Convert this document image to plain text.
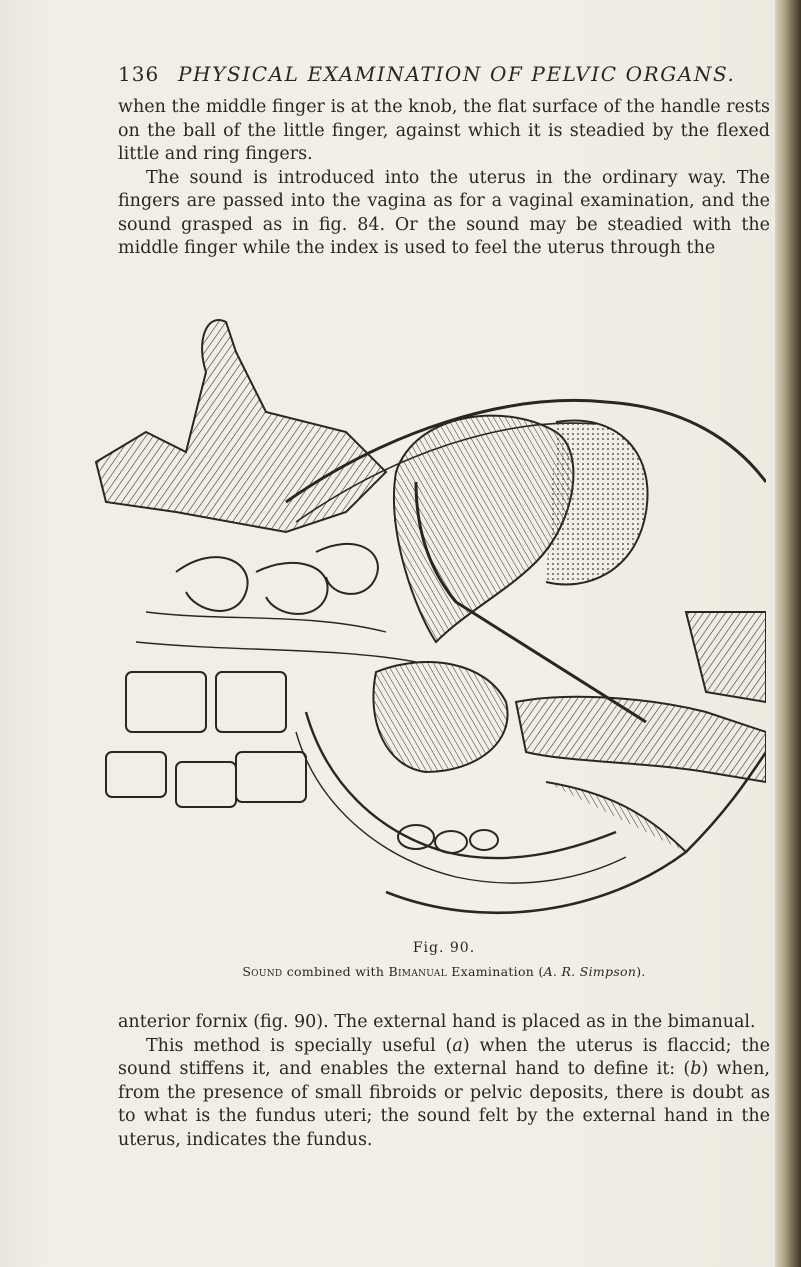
136 PHYSICAL EXAMINATION OF PELVIC ORGANS.

when the middle finger is at the knob, the flat surface of the handle rests on the ball of the little finger, against which it is steadied by the flexed little and ring fingers.

The sound is introduced into the uterus in the ordinary way. The fingers are passed into the vagina as for a vaginal examination, and the sound grasped as in fig. 84. Or the sound may be steadied with the middle finger while the index is used to feel the uterus through the

Fig. 90.
Sound combined with Bimanual Examination (A. R. Simpson).

anterior fornix (fig. 90). The external hand is placed as in the bimanual.

This method is specially useful (a) when the uterus is flaccid; the sound stiffens it, and enables the external hand to define it: (b) when, from the presence of small fibroids or pelvic deposits, there is doubt as to what is the fundus uteri; the sound felt by the external hand in the uterus, indicates the fundus.
